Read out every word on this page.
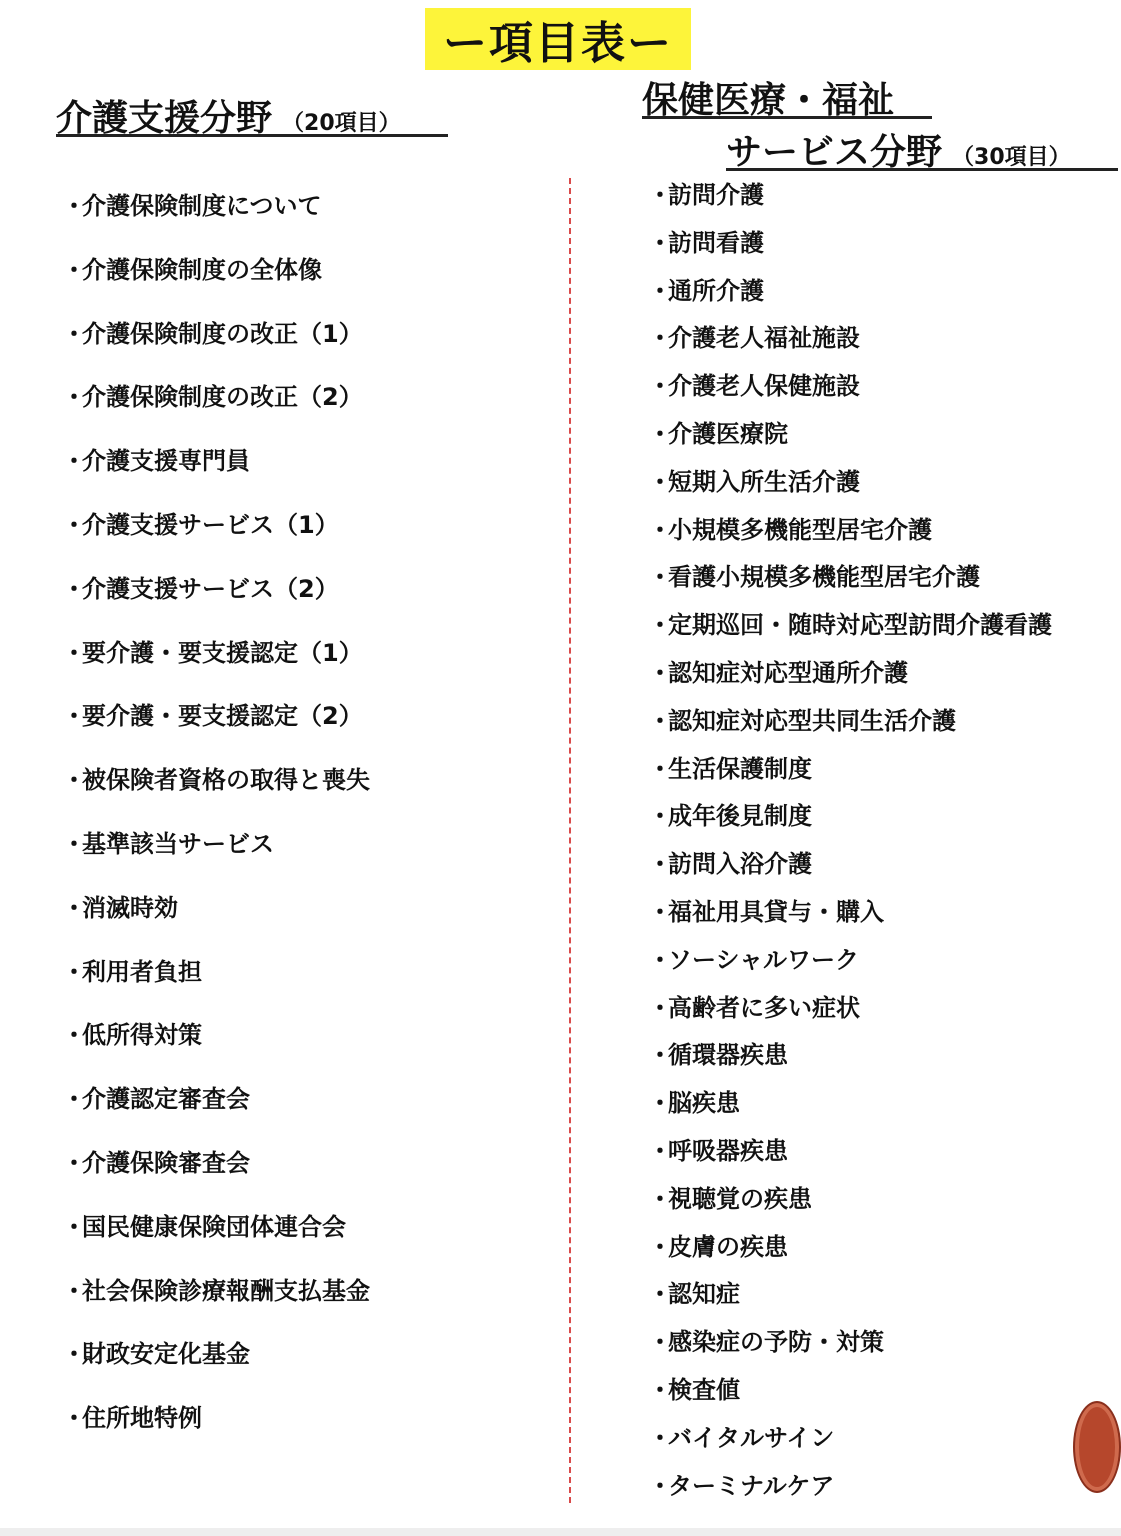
ー項目表ー
介護支援分野 （20項目）
保健医療・福祉
サービス分野 （30項目）
・介護保険制度について
・介護保険制度の全体像
・介護保険制度の改正（1）
・介護保険制度の改正（2）
・介護支援専門員
・介護支援サービス（1）
・介護支援サービス（2）
・要介護・要支援認定（1）
・要介護・要支援認定（2）
・被保険者資格の取得と喪失
・基準該当サービス
・消滅時効
・利用者負担
・低所得対策
・介護認定審査会
・介護保険審査会
・国民健康保険団体連合会
・社会保険診療報酬支払基金
・財政安定化基金
・住所地特例
・訪問介護
・訪問看護
・通所介護
・介護老人福祉施設
・介護老人保健施設
・介護医療院
・短期入所生活介護
・小規模多機能型居宅介護
・看護小規模多機能型居宅介護
・定期巡回・随時対応型訪問介護看護
・認知症対応型通所介護
・認知症対応型共同生活介護
・生活保護制度
・成年後見制度
・訪問入浴介護
・福祉用具貸与・購入
・ソーシャルワーク
・高齢者に多い症状
・循環器疾患
・脳疾患
・呼吸器疾患
・視聴覚の疾患
・皮膚の疾患
・認知症
・感染症の予防・対策
・検査値
・バイタルサイン
・ターミナルケア
